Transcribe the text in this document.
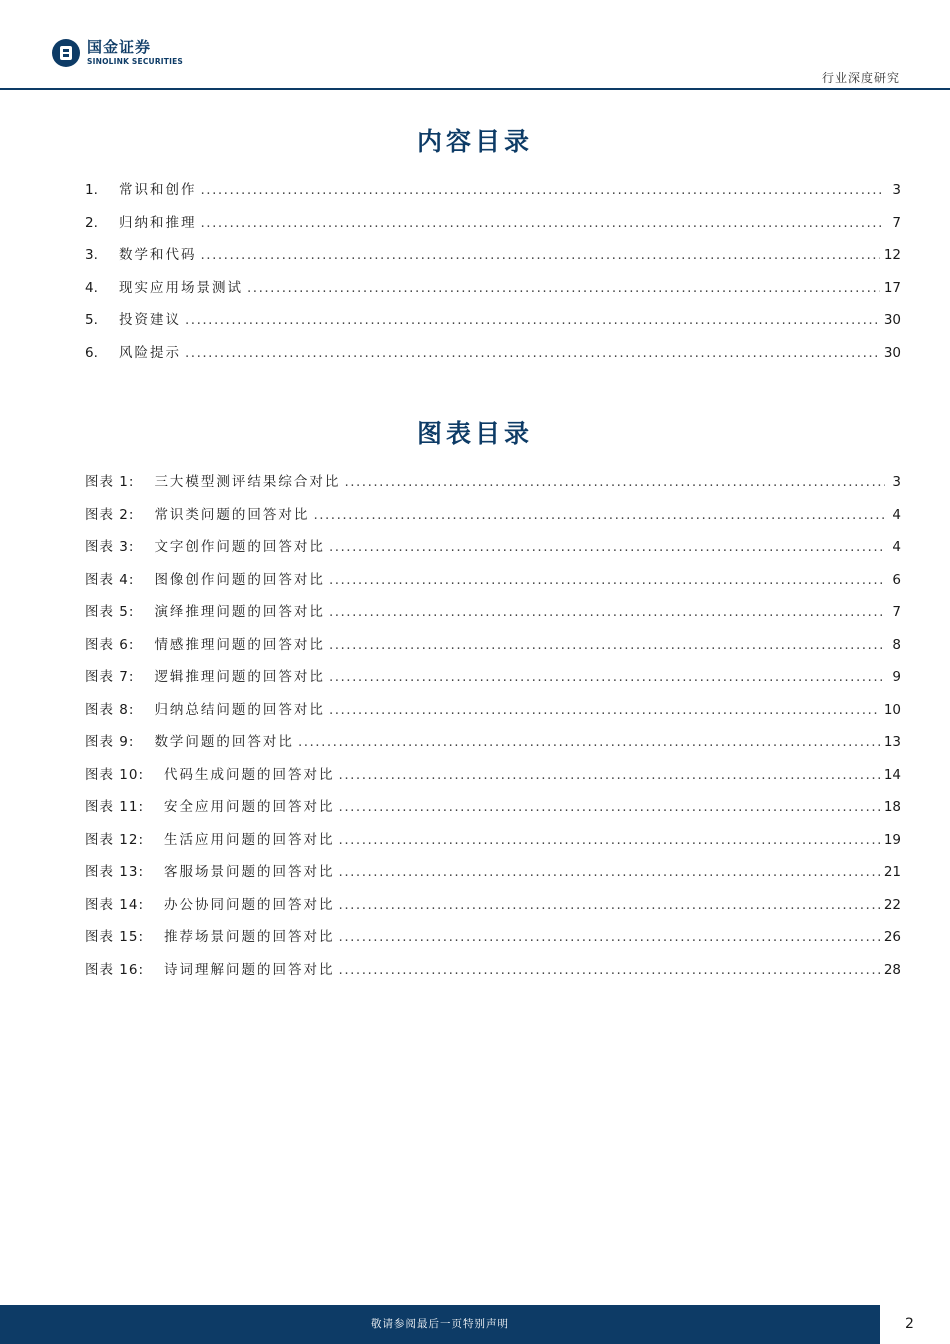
国金证券
SINOLINK SECURITIES
行业深度研究
内容目录
1.	常识和创作 .....	3
2.	归纳和推理 .....	7
3.	数学和代码 .....	12
4.	现实应用场景测试 .....	17
5.	投资建议 .....	30
6.	风险提示 .....	30
图表目录
图表 1: 三大模型测评结果综合对比 .....	3
图表 2: 常识类问题的回答对比 .....	4
图表 3: 文字创作问题的回答对比 .....	4
图表 4: 图像创作问题的回答对比 .....	6
图表 5: 演绎推理问题的回答对比 .....	7
图表 6: 情感推理问题的回答对比 .....	8
图表 7: 逻辑推理问题的回答对比 .....	9
图表 8: 归纳总结问题的回答对比 .....	10
图表 9: 数学问题的回答对比 .....	13
图表 10: 代码生成问题的回答对比 .....	14
图表 11: 安全应用问题的回答对比 .....	18
图表 12: 生活应用问题的回答对比 .....	19
图表 13: 客服场景问题的回答对比 .....	21
图表 14: 办公协同问题的回答对比 .....	22
图表 15: 推荐场景问题的回答对比 .....	26
图表 16: 诗词理解问题的回答对比 .....	28
敬请参阅最后一页特别声明	2
